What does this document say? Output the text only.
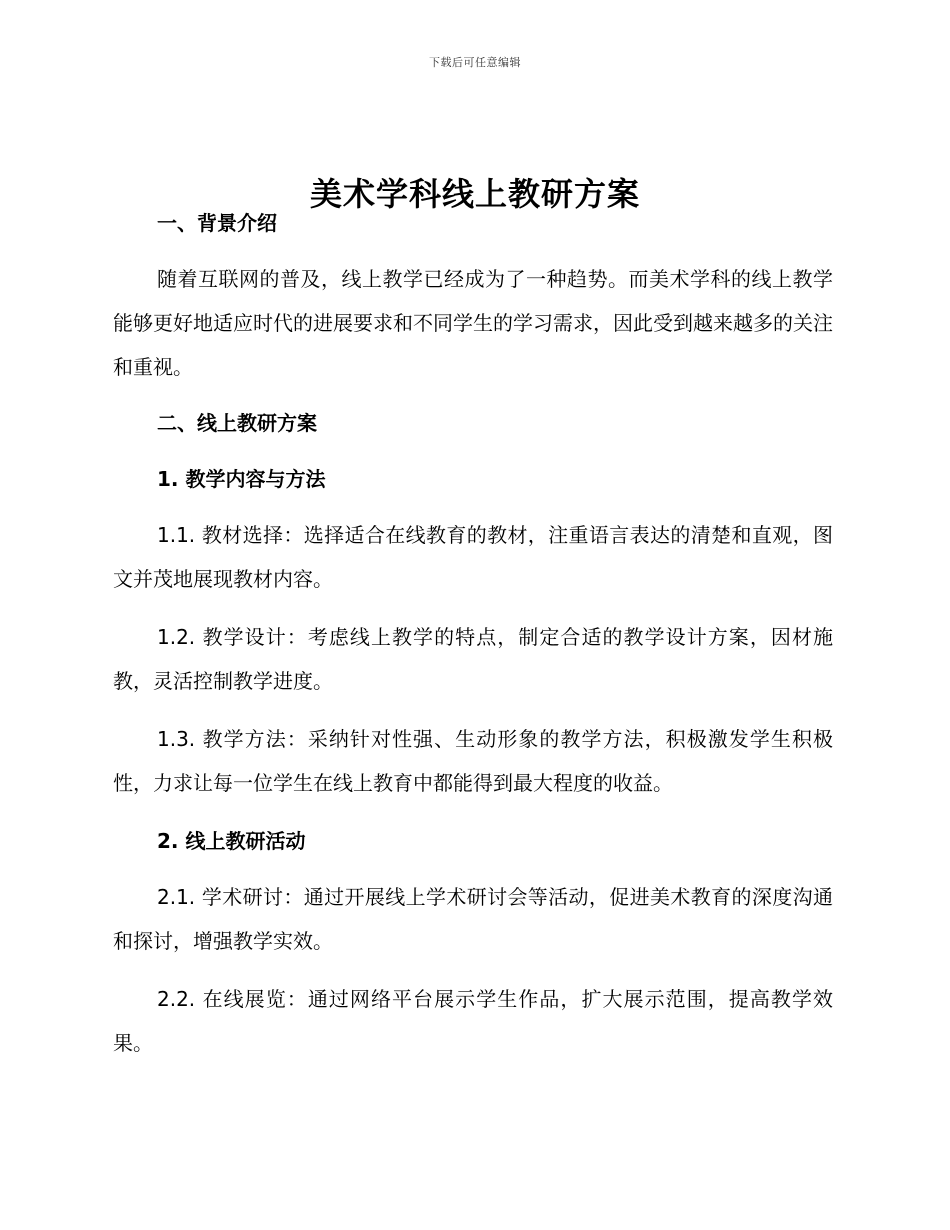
下载后可任意编辑
美术学科线上教研方案
一、背景介绍

随着互联网的普及，线上教学已经成为了一种趋势。而美术学科的线上教学能够更好地适应时代的进展要求和不同学生的学习需求，因此受到越来越多的关注和重视。

二、线上教研方案
1. 教学内容与方法

1.1. 教材选择：选择适合在线教育的教材，注重语言表达的清楚和直观，图文并茂地展现教材内容。

1.2. 教学设计：考虑线上教学的特点，制定合适的教学设计方案，因材施教，灵活控制教学进度。

1.3. 教学方法：采纳针对性强、生动形象的教学方法，积极激发学生积极性，力求让每一位学生在线上教育中都能得到最大程度的收益。

2. 线上教研活动

2.1. 学术研讨：通过开展线上学术研讨会等活动，促进美术教育的深度沟通和探讨，增强教学实效。

2.2. 在线展览：通过网络平台展示学生作品，扩大展示范围，提高教学效果。
